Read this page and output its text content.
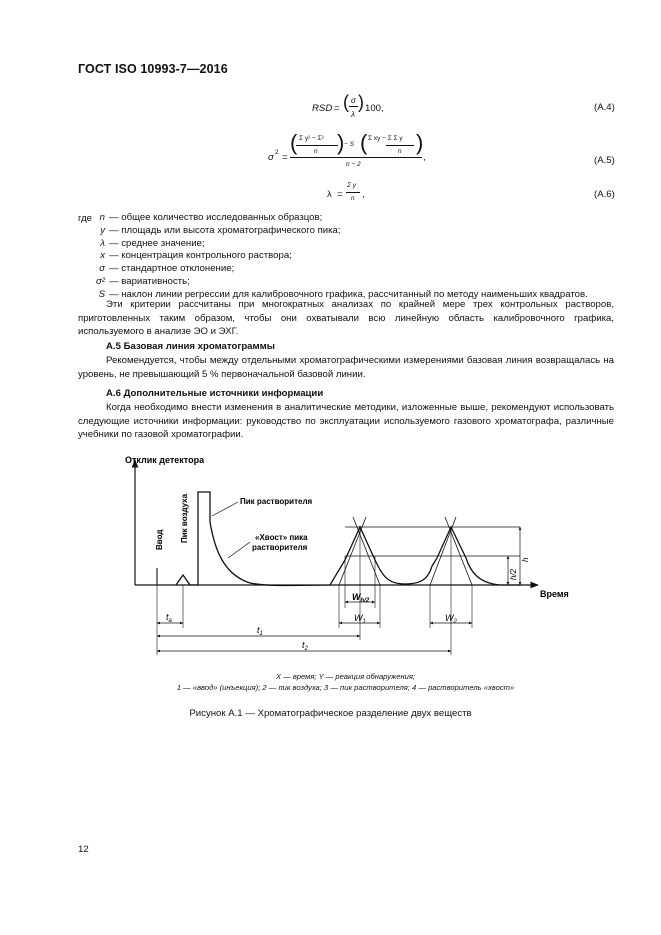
ГОСТ ISO 10993-7—2016
RSD = ( σ
λ
) 100,	(A.4)
σ 2 =
( Σ y² − Σ²
n ) − S ( Σ xy − Σ Σ y
n )
n − 2
,	(A.5)
λ =
Σ y
n ,	(A.6)
где n — общее количество исследованных образцов;
y — площадь или высота хроматографического пика;
λ — среднее значение;
x — концентрация контрольного раствора;
σ — стандартное отклонение;
σ² — вариативность;
S — наклон линии регрессии для калибровочного графика, рассчитанный по методу наименьших квадратов.
Эти критерии рассчитаны при многократных анализах по крайней мере трех контрольных растворов, приготовленных таким образом, чтобы они охватывали всю линейную область калибровочного графика, используемого в анализе ЭО и ЭХГ.
А.5 Базовая линия хроматограммы
Рекомендуется, чтобы между отдельными хроматографическими измерениями базовая линия возвращалась на уровень, не превышающий 5 % первоначальной базовой линии.
А.6 Дополнительные источники информации
Когда необходимо внести изменения в аналитические методики, изложенные выше, рекомендуют использовать следующие источники информации: руководство по эксплуатации используемого газового хроматографа, различные учебники по газовой хроматографии.
Отклик детектора
Время
h
h/2
Ввод Пик воздуха	Пик растворителя
«Хвост» пика
растворителя
$W_{h/2}$
$W_1$	$W_2$
$t_a$
$t_1$
$t_2$
X — время; Y — реакция обнаружения;
1 — «ввод» (инъекция); 2 — пик воздуха; 3 — пик растворителя; 4 — растворитель «хвост»
Рисунок А.1 — Хроматографическое разделение двух веществ
12
